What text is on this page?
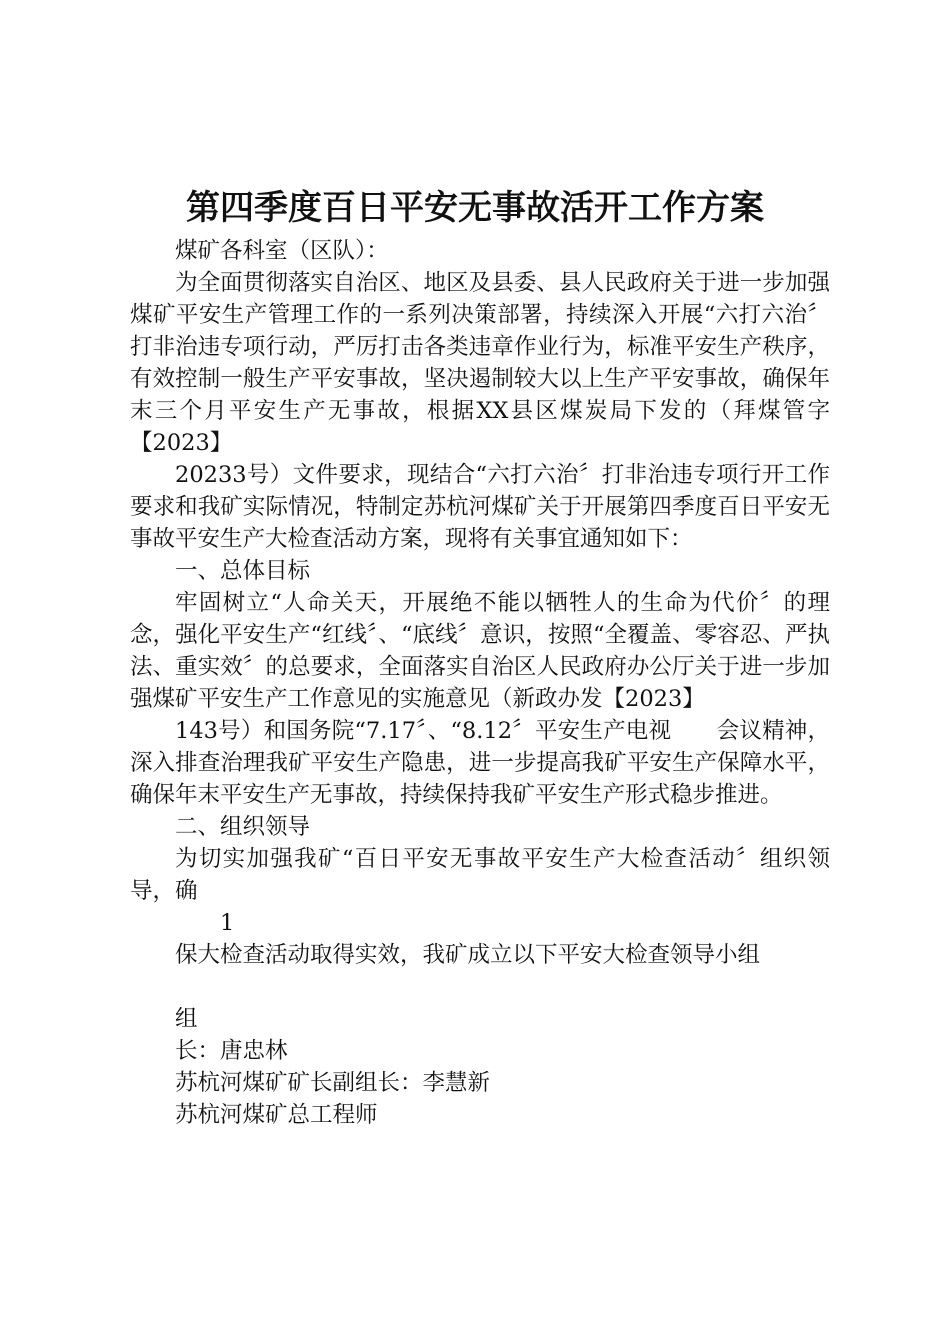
第四季度百日平安无事故活开工作方案

煤矿各科室（区队）：

为全面贯彻落实自治区、地区及县委、县人民政府关于进一步加强煤矿平安生产管理工作的一系列决策部署，持续深入开展“六打六治〞打非治违专项行动，严厉打击各类违章作业行为，标准平安生产秩序，有效控制一般生产平安事故，坚决遏制较大以上生产平安事故，确保年末三个月平安生产无事故，根据XX县区煤炭局下发的（拜煤管字【2023】

20233号）文件要求，现结合“六打六治〞打非治违专项行开工作要求和我矿实际情况，特制定苏杭河煤矿关于开展第四季度百日平安无事故平安生产大检查活动方案，现将有关事宜通知如下：

一、总体目标

牢固树立“人命关天，开展绝不能以牺牲人的生命为代价〞的理念，强化平安生产“红线〞、“底线〞意识，按照“全覆盖、零容忍、严执法、重实效〞的总要求，全面落实自治区人民政府办公厅关于进一步加强煤矿平安生产工作意见的实施意见（新政办发【2023】

143号）和国务院“7.17〞、“8.12〞平安生产电视　　会议精神，深入排查治理我矿平安生产隐患，进一步提高我矿平安生产保障水平，确保年末平安生产无事故，持续保持我矿平安生产形式稳步推进。

二、组织领导

为切实加强我矿“百日平安无事故平安生产大检查活动〞组织领导，确

1

保大检查活动取得实效，我矿成立以下平安大检查领导小组

组

长：唐忠林

苏杭河煤矿矿长副组长：李慧新

苏杭河煤矿总工程师
